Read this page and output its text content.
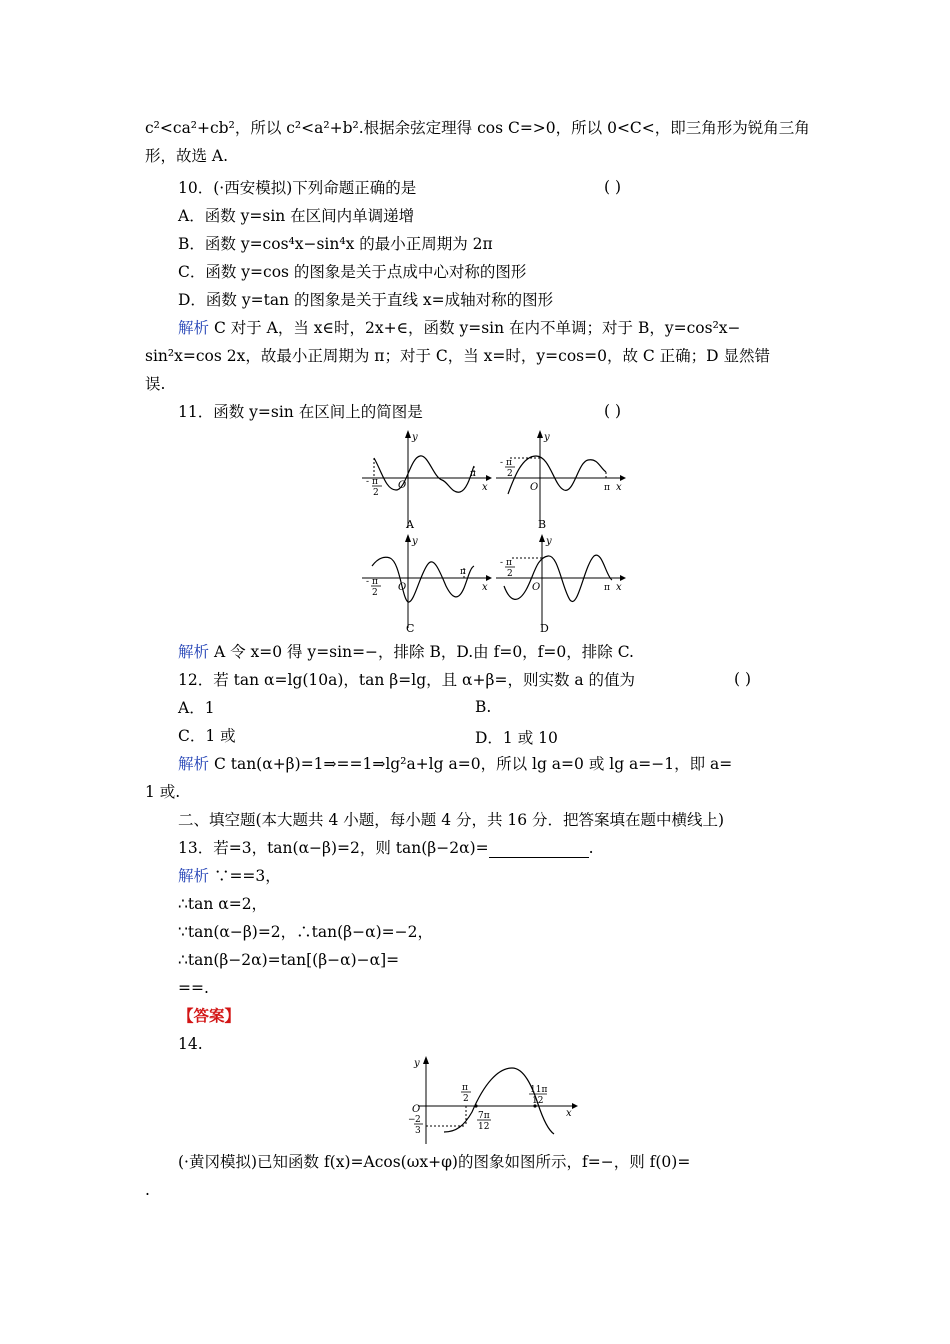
c²<ca²+cb²，所以 c²<a²+b².根据余弦定理得 cos C=>0，所以 0<C<，即三角形为锐角三角
形，故选 A.
10．(·西安模拟)下列命题正确的是	( )
A．函数 y=sin 在区间内单调递增
B．函数 y=cos⁴x−sin⁴x 的最小正周期为 2π
C．函数 y=cos 的图象是关于点成中心对称的图形
D．函数 y=tan 的图象是关于直线 x=成轴对称的图形
解析 C 对于 A，当 x∈时，2x+∈，函数 y=sin 在内不单调；对于 B，y=cos²x−
sin²x=cos 2x，故最小正周期为 π；对于 C，当 x=时，y=cos=0，故 C 正确；D 显然错
误.
11．函数 y=sin 在区间上的简图是	( )
y
O	x
π
- π
2
A
y
O	x
π
- π
2
B
y
O	x
π
- π
2
C
y
O	x
π
- π
2
D
解析 A 令 x=0 得 y=sin=−，排除 B，D.由 f=0，f=0，排除 C.
12．若 tan α=lg(10a)，tan β=lg，且 α+β=，则实数 a 的值为	( )
A．1	B.
C．1 或	D．1 或 10
解析 C tan(α+β)=1⇒==1⇒lg²a+lg a=0，所以 lg a=0 或 lg a=−1，即 a=
1 或.
二、填空题(本大题共 4 小题，每小题 4 分，共 16 分．把答案填在题中横线上)
13．若=3，tan(α−β)=2，则 tan(β−2α)=	.
解析 ∵==3，
∴tan α=2，
∵tan(α−β)=2，∴tan(β−α)=−2，
∴tan(β−2α)=tan[(β−α)−α]=
==.
【答案】
14.
y
O	x
π
2
7π
12
11π
12
− 2
3
(·黄冈模拟)已知函数 f(x)=Acos(ωx+φ)的图象如图所示，f=−，则 f(0)=
.
